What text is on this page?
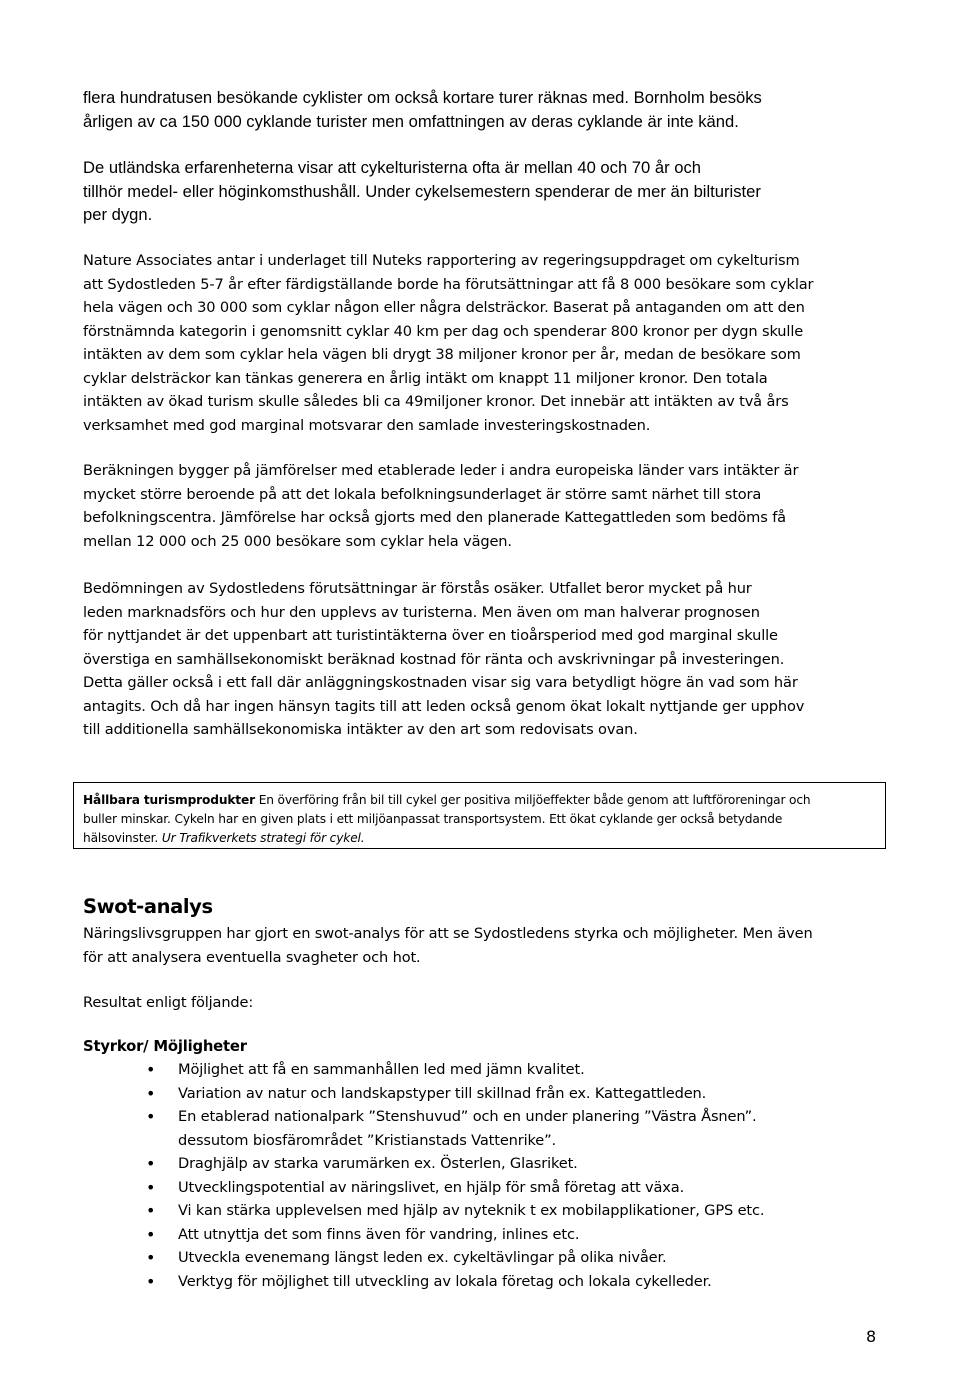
flera hundratusen besökande cyklister om också kortare turer räknas med. Bornholm besöks
årligen av ca 150 000 cyklande turister men omfattningen av deras cyklande är inte känd.
De utländska erfarenheterna visar att cykelturisterna ofta är mellan 40 och 70 år och
tillhör medel- eller höginkomsthushåll. Under cykelsemestern spenderar de mer än bilturister
per dygn.
Nature Associates antar i underlaget till Nuteks rapportering av regeringsuppdraget om cykelturism
att Sydostleden 5-7 år efter färdigställande borde ha förutsättningar att få 8 000 besökare som cyklar
hela vägen och 30 000 som cyklar någon eller några delsträckor. Baserat på antaganden om att den
förstnämnda kategorin i genomsnitt cyklar 40 km per dag och spenderar 800 kronor per dygn skulle
intäkten av dem som cyklar hela vägen bli drygt 38 miljoner kronor per år, medan de besökare som
cyklar delsträckor kan tänkas generera en årlig intäkt om knappt 11 miljoner kronor. Den totala
intäkten av ökad turism skulle således bli ca 49miljoner kronor. Det innebär att intäkten av två års
verksamhet med god marginal motsvarar den samlade investeringskostnaden.
Beräkningen bygger på jämförelser med etablerade leder i andra europeiska länder vars intäkter är
mycket större beroende på att det lokala befolkningsunderlaget är större samt närhet till stora
befolkningscentra. Jämförelse har också gjorts med den planerade Kattegattleden som bedöms få
mellan 12 000 och 25 000 besökare som cyklar hela vägen.
Bedömningen av Sydostledens förutsättningar är förstås osäker. Utfallet beror mycket på hur
leden marknadsförs och hur den upplevs av turisterna. Men även om man halverar prognosen
för nyttjandet är det uppenbart att turistintäkterna över en tioårsperiod med god marginal skulle
överstiga en samhällsekonomiskt beräknad kostnad för ränta och avskrivningar på investeringen.
Detta gäller också i ett fall där anläggningskostnaden visar sig vara betydligt högre än vad som här
antagits. Och då har ingen hänsyn tagits till att leden också genom ökat lokalt nyttjande ger upphov
till additionella samhällsekonomiska intäkter av den art som redovisats ovan.
Hållbara turismprodukter En överföring från bil till cykel ger positiva miljöeffekter både genom att luftföroreningar och
buller minskar. Cykeln har en given plats i ett miljöanpassat transportsystem. Ett ökat cyklande ger också betydande
hälsovinster. Ur Trafikverkets strategi för cykel.
Swot-analys
Näringslivsgruppen har gjort en swot-analys för att se Sydostledens styrka och möjligheter. Men även
för att analysera eventuella svagheter och hot.
Resultat enligt följande:
Styrkor/ Möjligheter
• Möjlighet att få en sammanhållen led med jämn kvalitet.
• Variation av natur och landskapstyper till skillnad från ex. Kattegattleden.
• En etablerad nationalpark ”Stenshuvud” och en under planering ”Västra Åsnen”.
dessutom biosfärområdet ”Kristianstads Vattenrike”.
• Draghjälp av starka varumärken ex. Österlen, Glasriket.
• Utvecklingspotential av näringslivet, en hjälp för små företag att växa.
• Vi kan stärka upplevelsen med hjälp av nyteknik t ex mobilapplikationer, GPS etc.
• Att utnyttja det som finns även för vandring, inlines etc.
• Utveckla evenemang längst leden ex. cykeltävlingar på olika nivåer.
• Verktyg för möjlighet till utveckling av lokala företag och lokala cykelleder.
8
